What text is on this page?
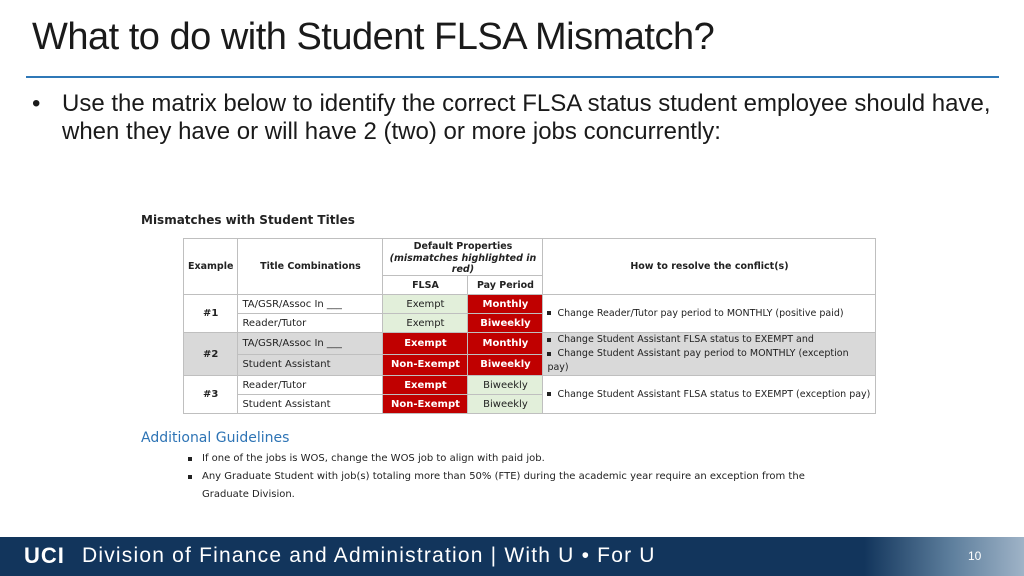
What to do with Student FLSA Mismatch?
• Use the matrix below to identify the correct FLSA status student employee should have, when they have or will have 2 (two) or more jobs concurrently:
Mismatches with Student Titles
Example	Title Combinations	Default Properties		How to resolve the conflict(s)
		(mismatches highlighted in red)		
		FLSA	Pay Period	
#1	TA/GSR/Assoc In ___	Exempt	Monthly	Change Reader/Tutor pay period to MONTHLY (positive paid)

	Reader/Tutor	Exempt	Biweekly	
#2	TA/GSR/Assoc In ___	Exempt	Monthly	Change Student Assistant FLSA status to EXEMPT and
Change Student Assistant pay period to MONTHLY (exception pay)

	Student Assistant	Non-Exempt	Biweekly	
#3	Reader/Tutor	Exempt	Biweekly	Change Student Assistant FLSA status to EXEMPT (exception pay)

	Student Assistant	Non-Exempt	Biweekly	
Additional Guidelines
If one of the jobs is WOS, change the WOS job to align with paid job.
Any Graduate Student with job(s) totaling more than 50% (FTE) during the academic year require an exception from the Graduate Division.
UCI Division of Finance and Administration | With U • For U	10
